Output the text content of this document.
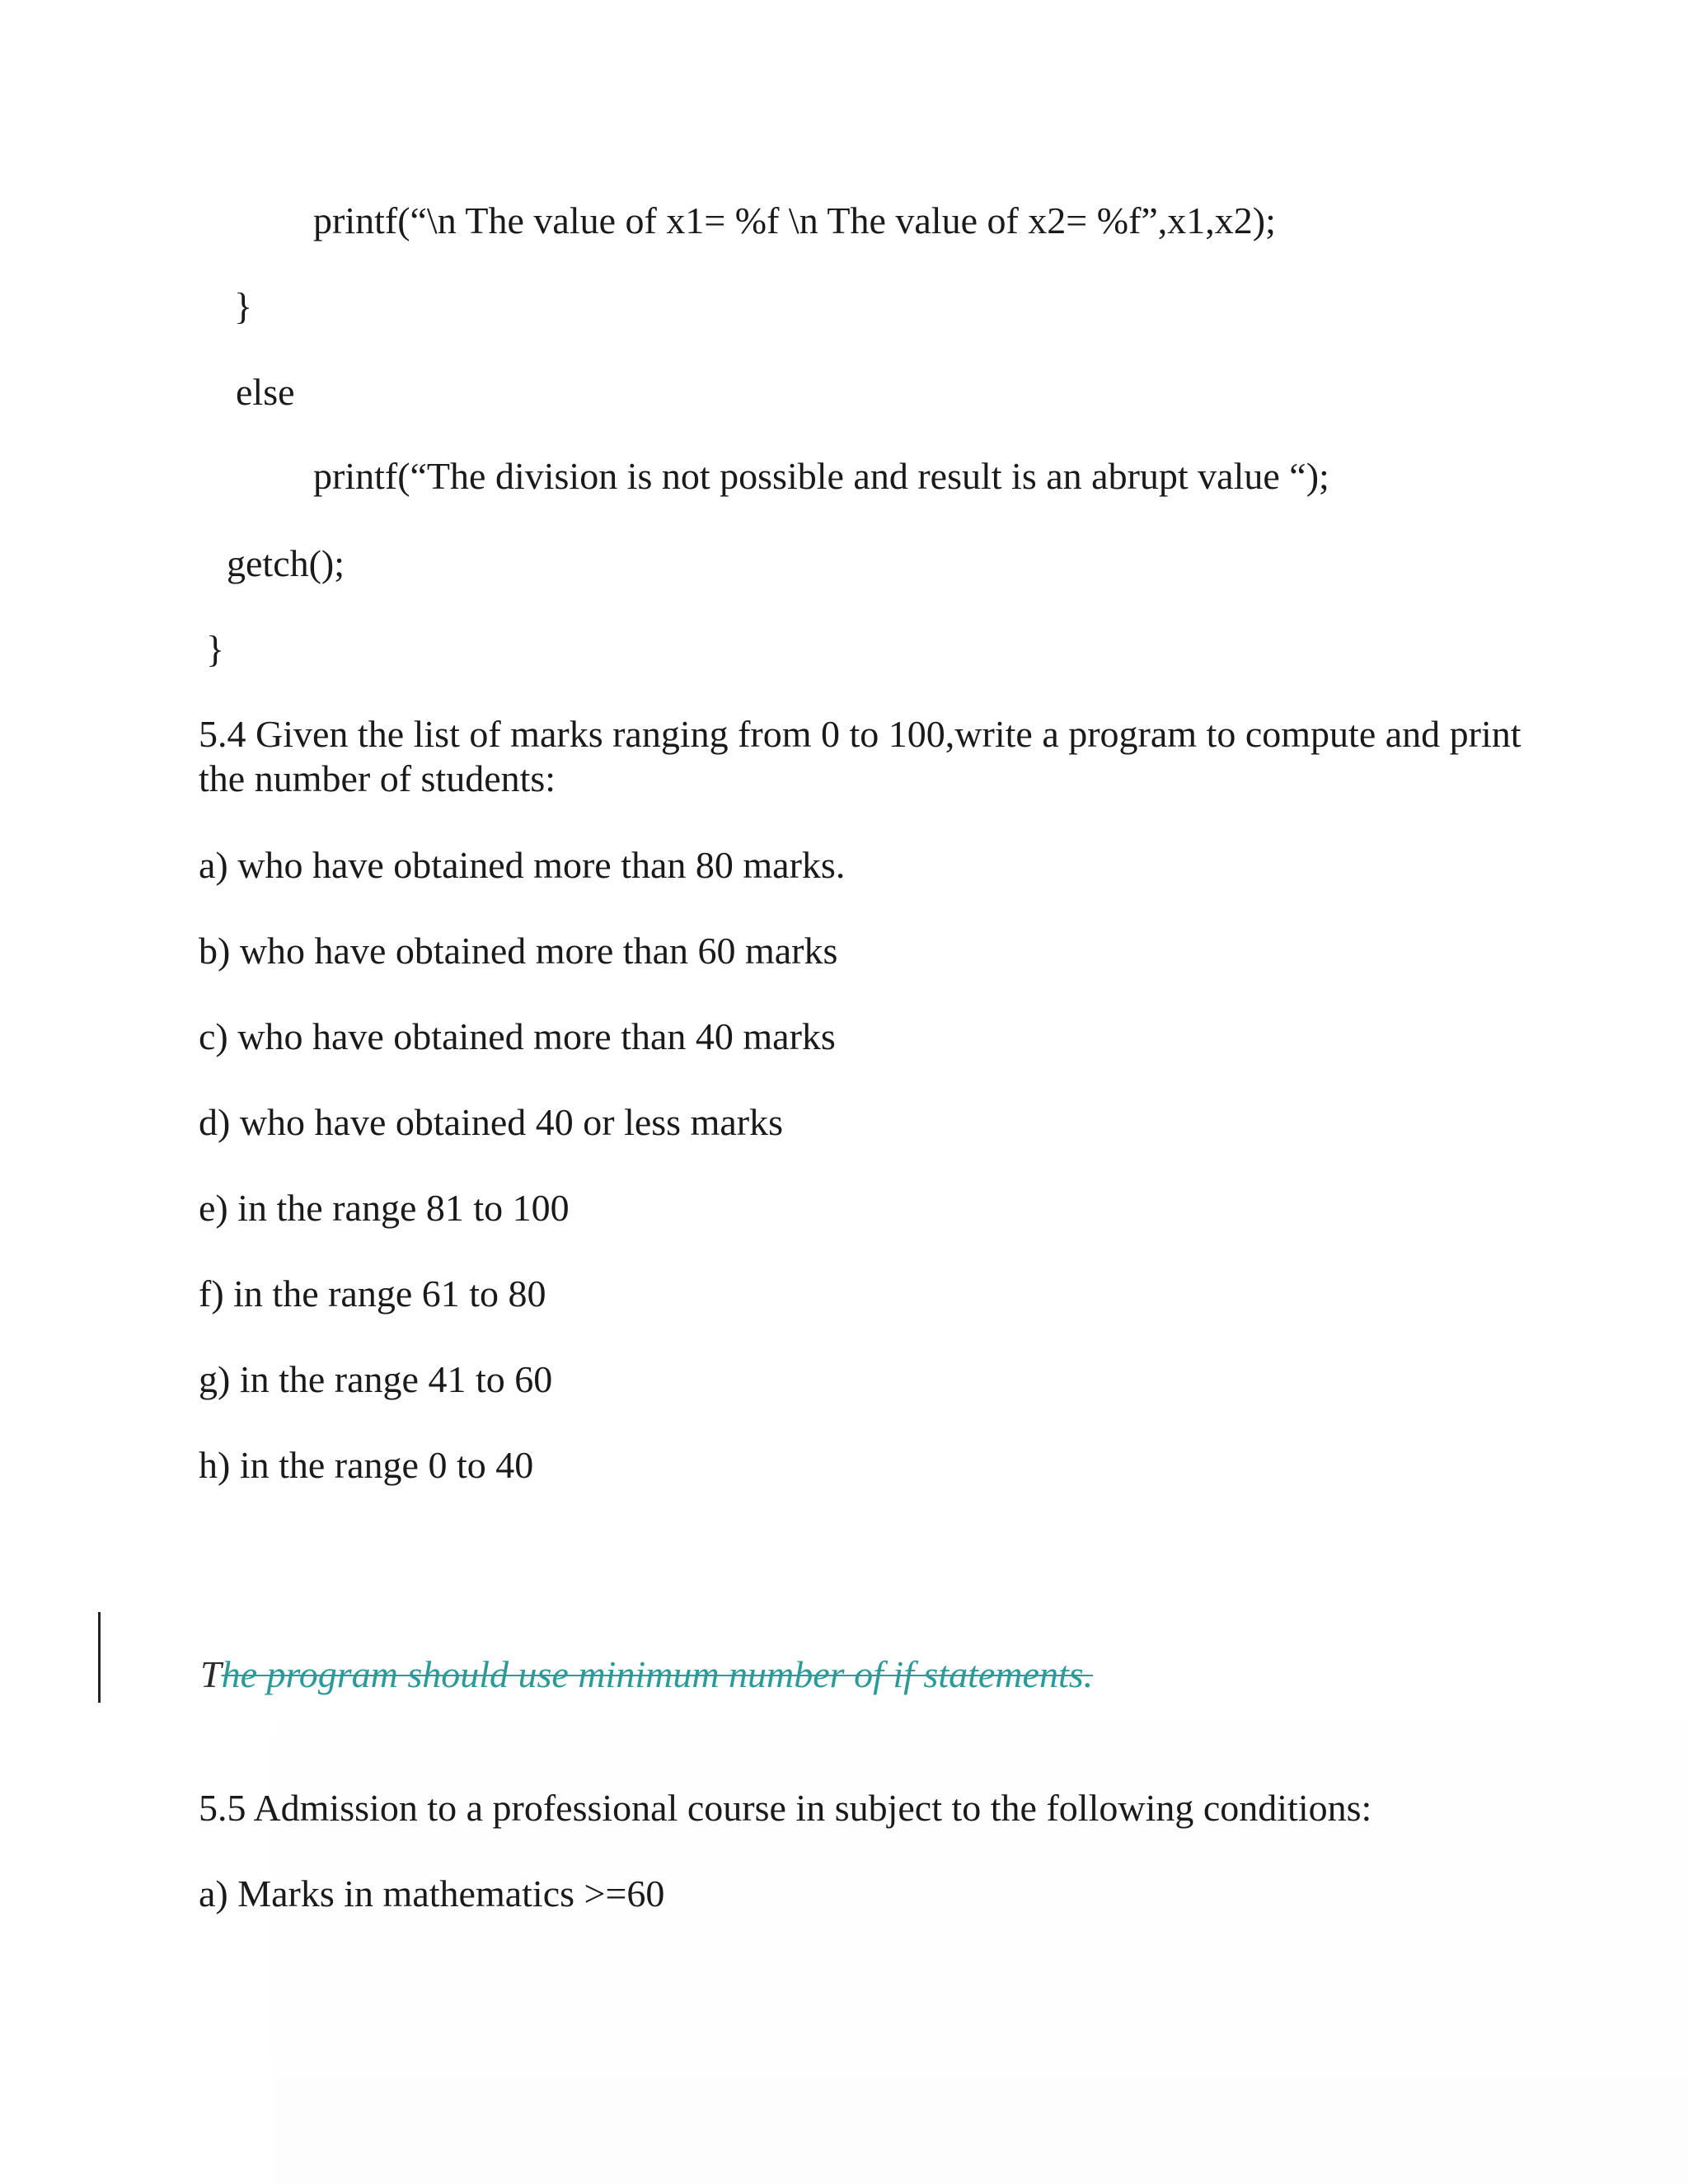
printf(“\n The value of x1= %f \n The value of x2= %f”,x1,x2);

}

else

printf(“The division is not possible and result is an abrupt value “);

getch();

}

5.4 Given the list of marks ranging from 0 to 100,write a program to compute and print the number of students:

a) who have obtained more than 80 marks.

b) who have obtained more than 60 marks

c) who have obtained more than 40 marks

d) who have obtained 40 or less marks

e) in the range 81 to 100

f) in the range 61 to 80

g) in the range 41 to 60

h) in the range 0 to 40

The program should use minimum number of if statements.

5.5 Admission to a professional course in subject to the following conditions:

a) Marks in mathematics >=60
